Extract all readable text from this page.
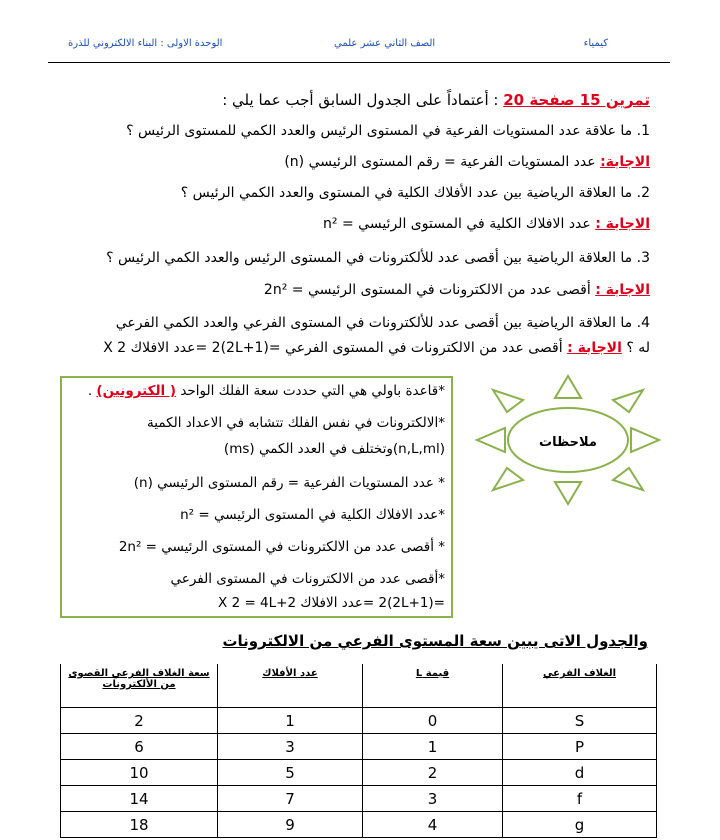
كيمياء
الصف الثاني عشر علمي
الوحدة الاولى : البناء الالكتروني للذرة
تمرين 15 صفحة 20 : أعتماداً على الجدول السابق أجب عما يلي :
1. ما علاقة عدد المستويات الفرعية في المستوى الرئيس والعدد الكمي للمستوى الرئيس ؟
الاجابة: عدد المستويات الفرعية = رقم المستوى الرئيسي (n)
2. ما العلاقة الرياضية بين عدد الأفلاك الكلية في المستوى والعدد الكمي الرئيس ؟
الاجابة : عدد الافلاك الكلية في المستوى الرئيسي = n²
3. ما العلاقة الرياضية بين أقصى عدد للألكترونات في المستوى الرئيس والعدد الكمي الرئيس ؟
الاجابة : أقصى عدد من الالكترونات في المستوى الرئيسي = 2n²
4. ما العلاقة الرياضية بين أقصى عدد للألكترونات في المستوى الفرعي والعدد الكمي الفرعي
له ؟ الاجابة : أقصى عدد من الالكترونات في المستوى الفرعي =(2L+1)2 =عدد الافلاك X 2
*قاعدة باولي هي التي حددت سعة الفلك الواحد ( الكترونين) .
*الالكترونات في نفس الفلك تتشابه في الاعداد الكمية
(n,L,ml)وتختلف في العدد الكمي (ms)
* عدد المستويات الفرعية = رقم المستوى الرئيسي (n)
*عدد الافلاك الكلية في المستوى الرئيسي = n²
* أقصى عدد من الالكترونات في المستوى الرئيسي = 2n²
*أقصى عدد من الالكترونات في المستوى الفرعي
=(2L+1)2 =عدد الافلاك X 2 = 4L+2
ملاحظات
والجدول الاتى يبين سعة المستوى الفرعي من الالكترونات
الغلاف الفرعي	قيمة L	عدد الأفلاك	سعة الغلاف الفرعي القصوى من الألكترونات
S	0	1	2
P	1	3	6
d	2	5	10
f	3	7	14
g	4	9	18
